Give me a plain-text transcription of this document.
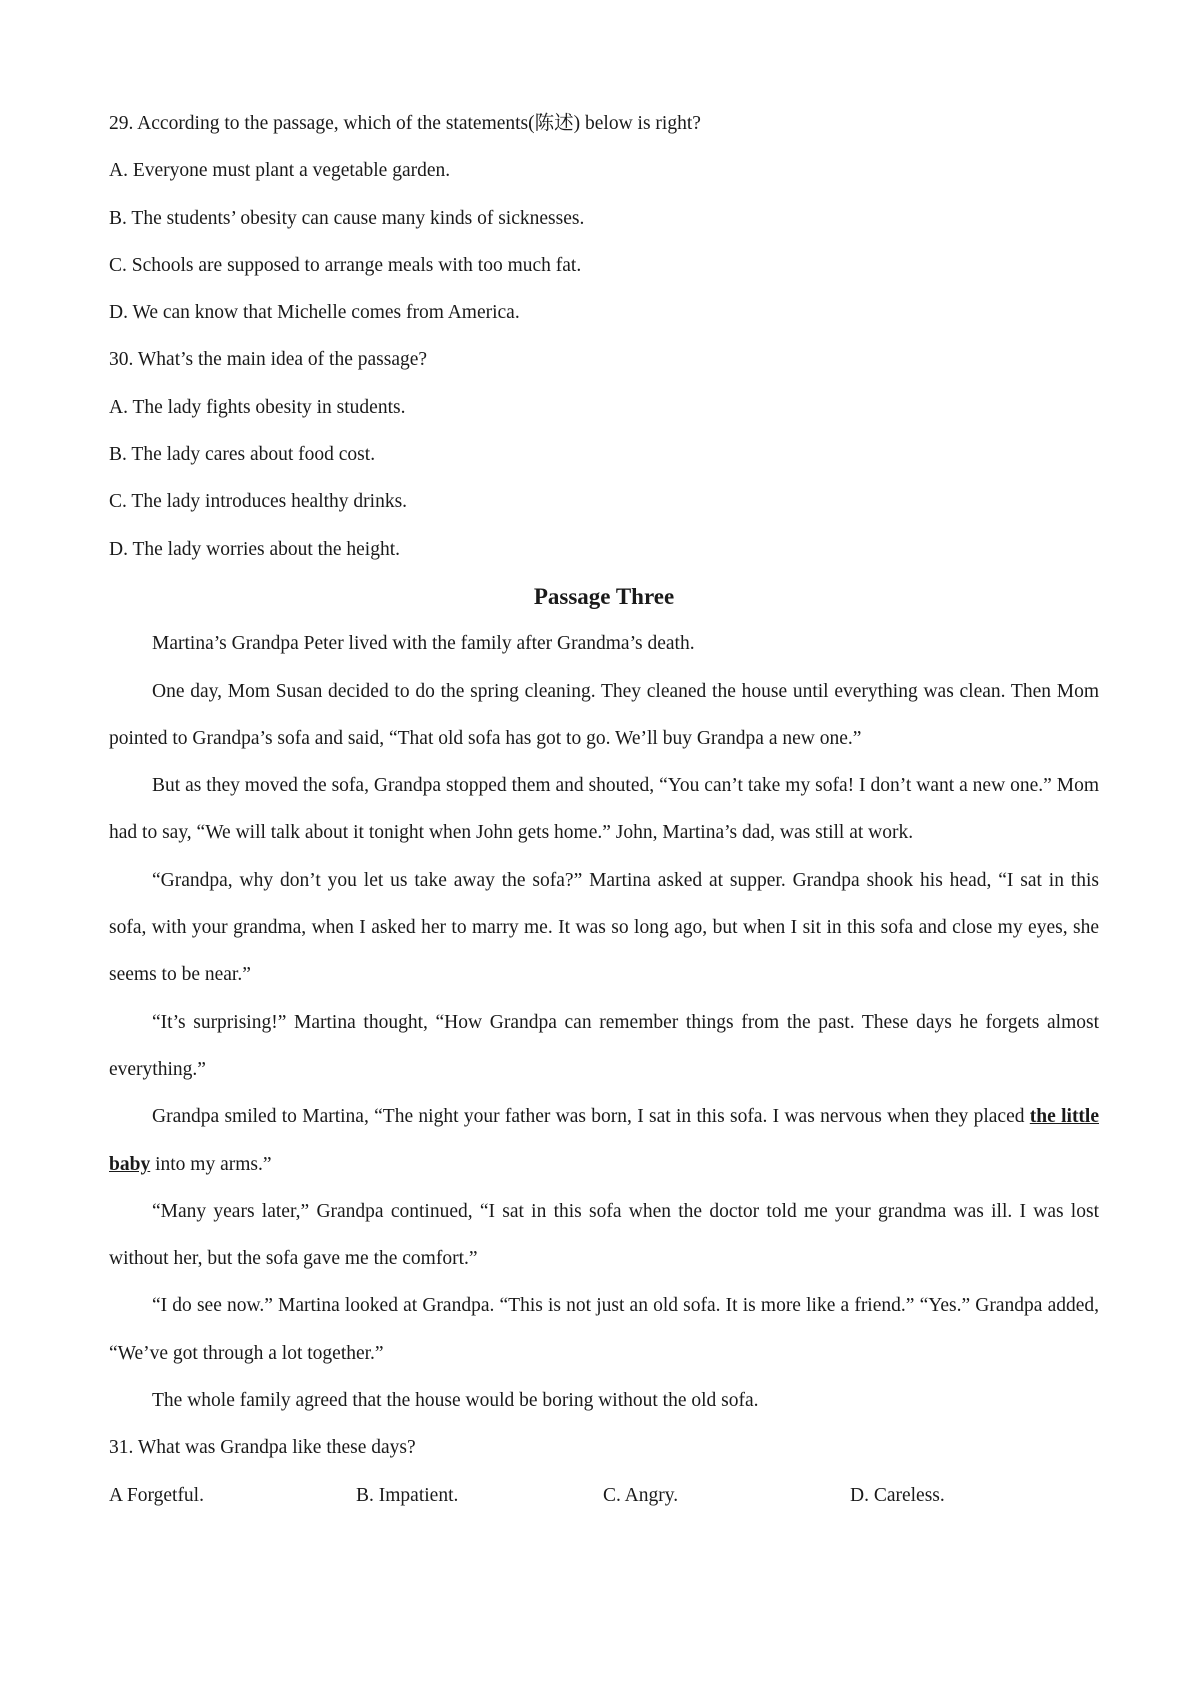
29. According to the passage, which of the statements(陈述) below is right?
A. Everyone must plant a vegetable garden.
B. The students’ obesity can cause many kinds of sicknesses.
C. Schools are supposed to arrange meals with too much fat.
D. We can know that Michelle comes from America.
30. What’s the main idea of the passage?
A. The lady fights obesity in students.
B. The lady cares about food cost.
C. The lady introduces healthy drinks.
D. The lady worries about the height.
Passage Three
Martina’s Grandpa Peter lived with the family after Grandma’s death.
One day, Mom Susan decided to do the spring cleaning. They cleaned the house until everything was clean. Then Mom pointed to Grandpa’s sofa and said, “That old sofa has got to go. We’ll buy Grandpa a new one.”
But as they moved the sofa, Grandpa stopped them and shouted, “You can’t take my sofa! I don’t want a new one.” Mom had to say, “We will talk about it tonight when John gets home.” John, Martina’s dad, was still at work.
“Grandpa, why don’t you let us take away the sofa?” Martina asked at supper. Grandpa shook his head, “I sat in this sofa, with your grandma, when I asked her to marry me. It was so long ago, but when I sit in this sofa and close my eyes, she seems to be near.”
“It’s surprising!” Martina thought, “How Grandpa can remember things from the past. These days he forgets almost everything.”
Grandpa smiled to Martina, “The night your father was born, I sat in this sofa. I was nervous when they placed the little baby into my arms.”
“Many years later,” Grandpa continued, “I sat in this sofa when the doctor told me your grandma was ill. I was lost without her, but the sofa gave me the comfort.”
“I do see now.” Martina looked at Grandpa. “This is not just an old sofa. It is more like a friend.” “Yes.” Grandpa added, “We’ve got through a lot together.”
The whole family agreed that the house would be boring without the old sofa.
31. What was Grandpa like these days?
A Forgetful.	B. Impatient.	C. Angry.	D. Careless.
